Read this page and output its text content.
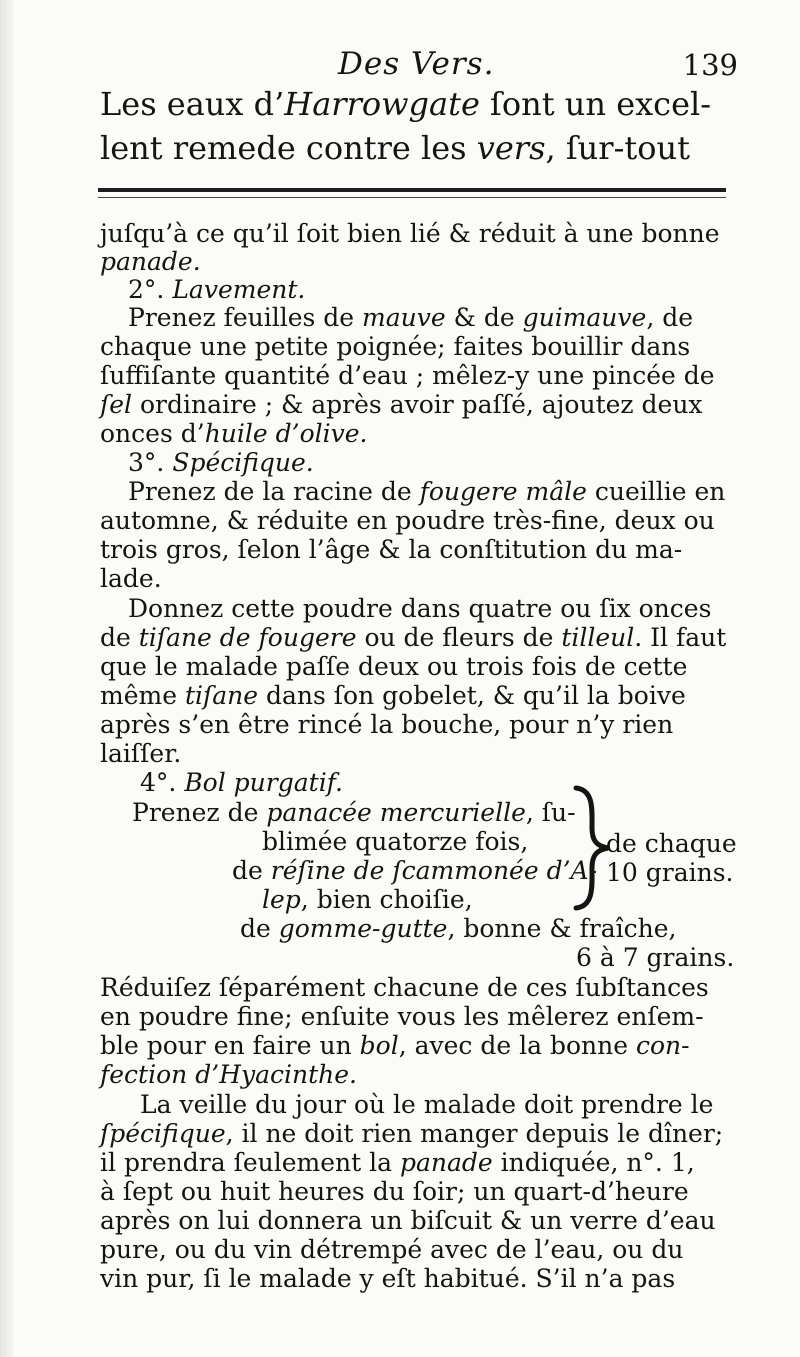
Des Vers.	139
Les eaux d’Harrowgate ſont un excel-
lent remede contre les vers, ſur-tout
juſqu’à ce qu’il ſoit bien lié & réduit à une bonne
panade.
2°. Lavement.
Prenez feuilles de mauve & de guimauve, de
chaque une petite poignée; faites bouillir dans
ſuffiſante quantité d’eau ; mêlez-y une pincée de
ſel ordinaire ; & après avoir paſſé, ajoutez deux
onces d’huile d’olive.
3°. Spécifique.
Prenez de la racine de fougere mâle cueillie en
automne, & réduite en poudre très-fine, deux ou
trois gros, ſelon l’âge & la conſtitution du ma-
lade.
Donnez cette poudre dans quatre ou ſix onces
de tiſane de fougere ou de fleurs de tilleul. Il faut
que le malade paſſe deux ou trois fois de cette
même tiſane dans ſon gobelet, & qu’il la boive
après s’en être rincé la bouche, pour n’y rien
laiſſer.
4°. Bol purgatif.
Prenez de panacée mercurielle, ſu-
blimée quatorze fois,
de réſine de ſcammonée d’A-
lep, bien choiſie,
de gomme-gutte, bonne & fraîche,
6 à 7 grains.
de chaque
10 grains.
Réduiſez ſéparément chacune de ces ſubſtances
en poudre fine; enſuite vous les mêlerez enſem-
ble pour en faire un bol, avec de la bonne con-
fection d’Hyacinthe.
La veille du jour où le malade doit prendre le
ſpécifique, il ne doit rien manger depuis le dîner;
il prendra ſeulement la panade indiquée, n°. 1,
à ſept ou huit heures du ſoir; un quart-d’heure
après on lui donnera un biſcuit & un verre d’eau
pure, ou du vin détrempé avec de l’eau, ou du
vin pur, ſi le malade y eſt habitué. S’il n’a pas
